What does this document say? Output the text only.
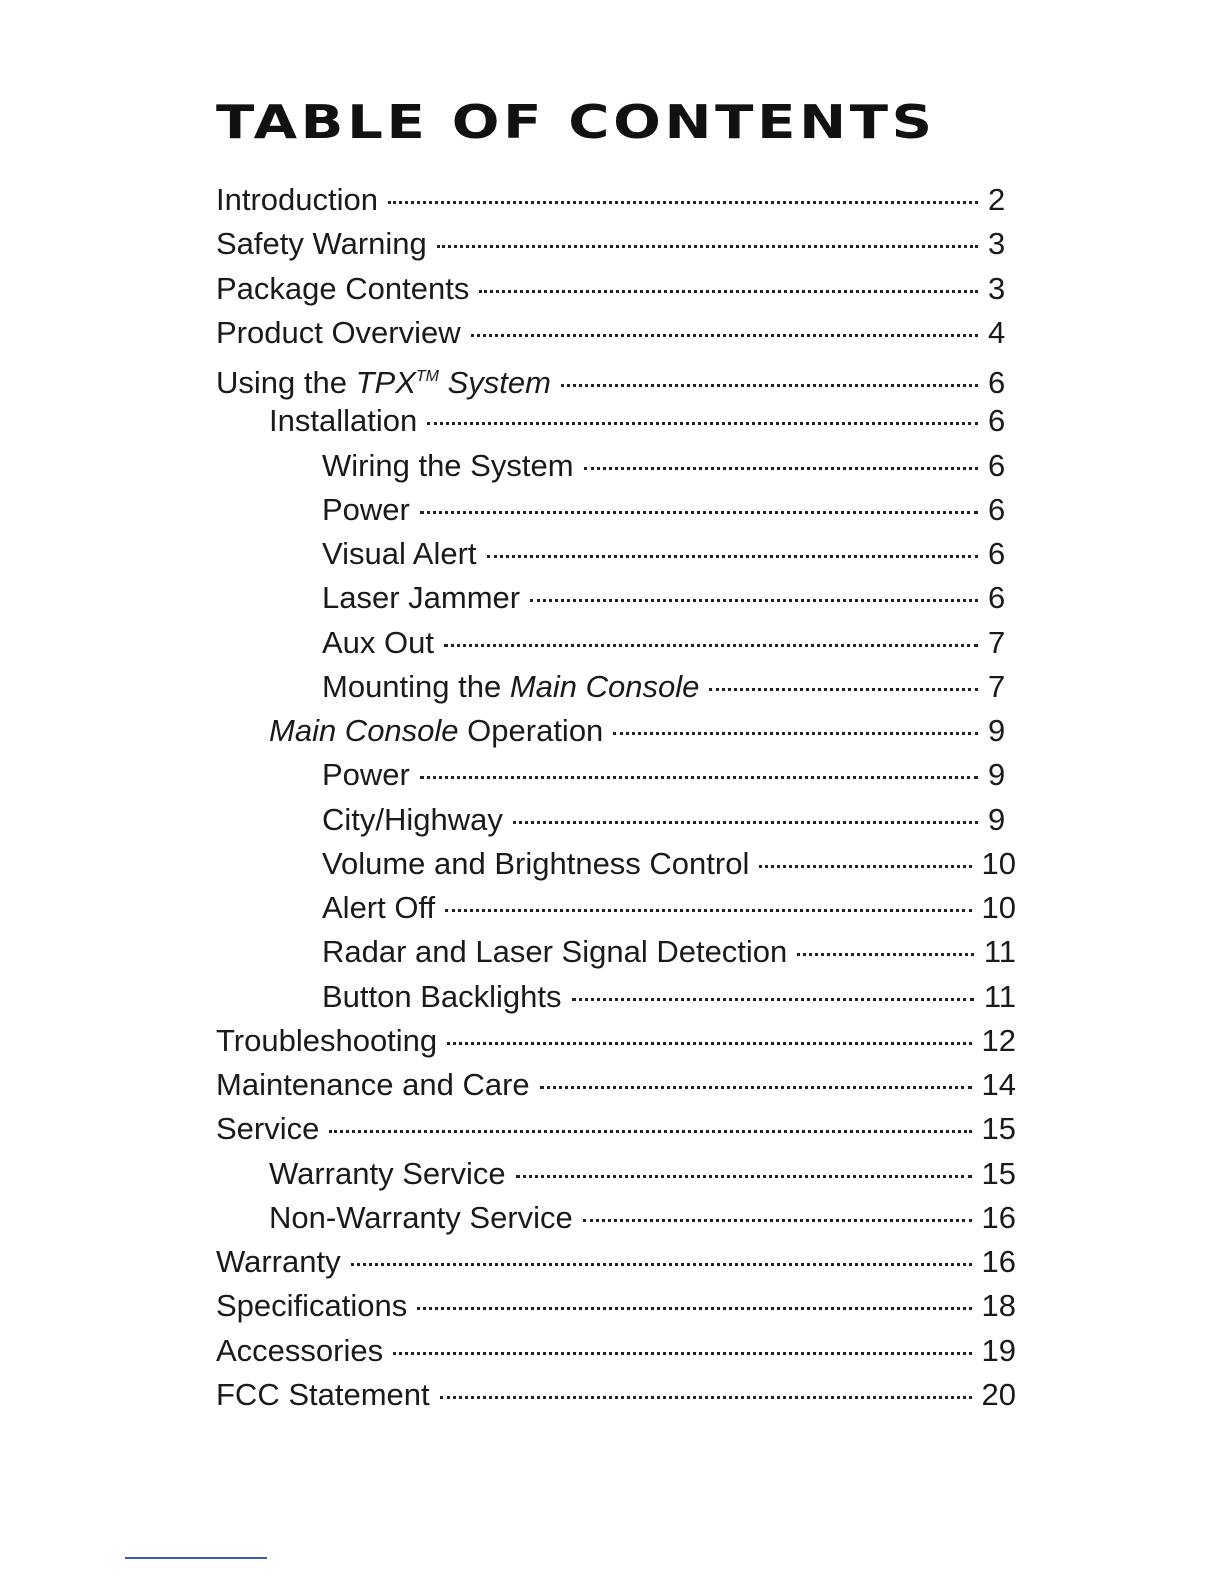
TABLE OF CONTENTS
Introduction	2
Safety Warning	3
Package Contents	3
Product Overview	4
Using the TPX™ System	6
Installation	6
Wiring the System	6
Power	6
Visual Alert	6
Laser Jammer	6
Aux Out	7
Mounting the Main Console	7
Main Console Operation	9
Power	9
City/Highway	9
Volume and Brightness Control	10
Alert Off	10
Radar and Laser Signal Detection	11
Button Backlights	11
Troubleshooting	12
Maintenance and Care	14
Service	15
Warranty Service	15
Non-Warranty Service	16
Warranty	16
Specifications	18
Accessories	19
FCC Statement	20
